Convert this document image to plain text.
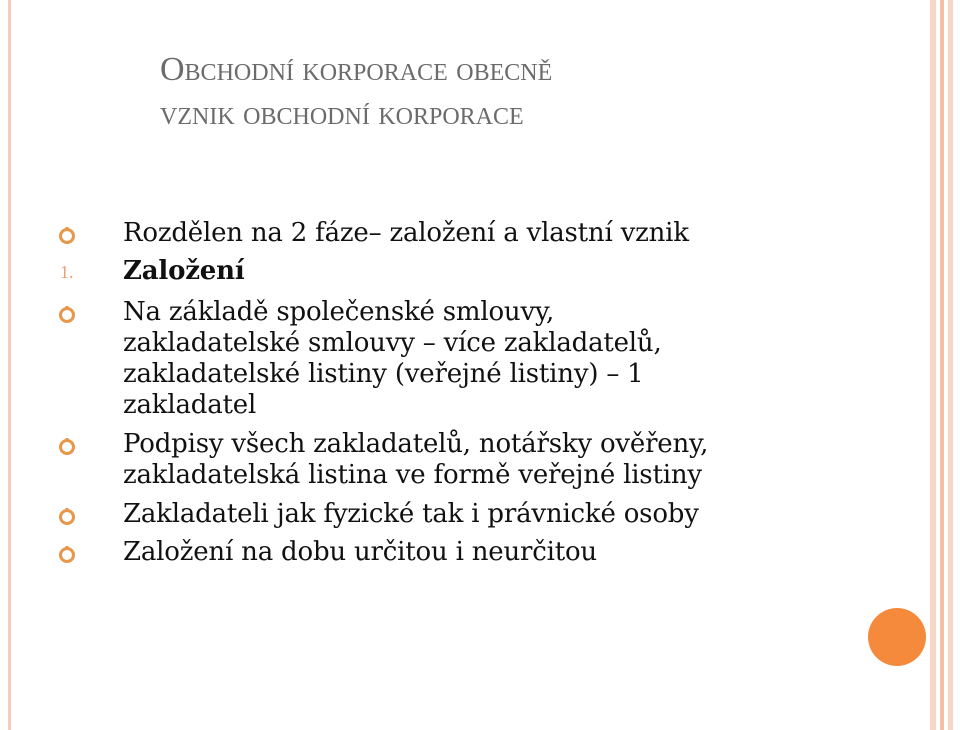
Obchodní korporace obecně
vznik obchodní korporace
Rozdělen na 2 fáze– založení a vlastní vznik
1. Založení
Na základě společenské smlouvy,
zakladatelské smlouvy – více zakladatelů,
zakladatelské listiny (veřejné listiny) – 1
zakladatel
Podpisy všech zakladatelů, notářsky ověřeny,
zakladatelská listina ve formě veřejné listiny
Zakladateli jak fyzické tak i právnické osoby
Založení na dobu určitou i neurčitou
